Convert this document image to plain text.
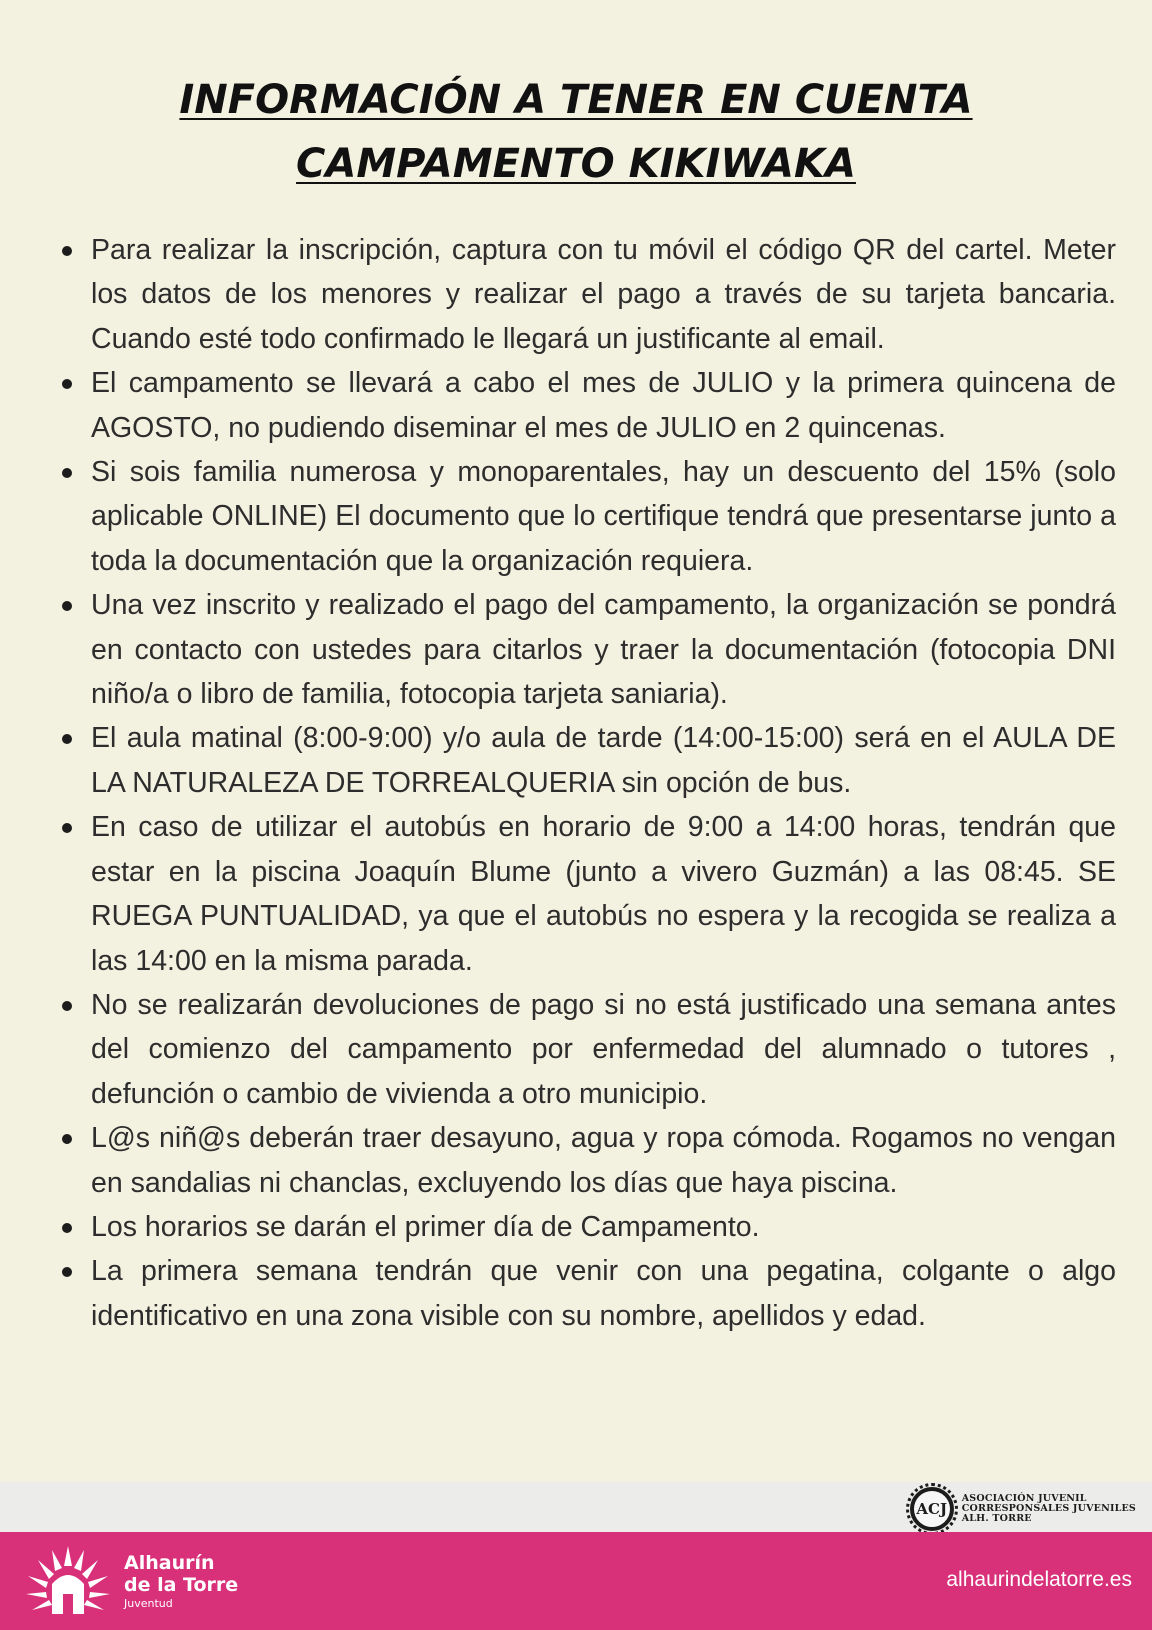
INFORMACIÓN A TENER EN CUENTA
CAMPAMENTO KIKIWAKA
Para realizar la inscripción, captura con tu móvil el código QR del cartel. Meter los datos de los menores y realizar el pago a través de su tarjeta bancaria. Cuando esté todo confirmado le llegará un justificante al email.
El campamento se llevará a cabo el mes de JULIO y la primera quincena de AGOSTO, no pudiendo diseminar el mes de JULIO en 2 quincenas.
Si sois familia numerosa y monoparentales, hay un descuento del 15% (solo aplicable ONLINE) El documento que lo certifique tendrá que presentarse junto a toda la documentación que la organización requiera.
Una vez inscrito y realizado el pago del campamento, la organización se pondrá en contacto con ustedes para citarlos y traer la documentación (fotocopia DNI niño/a o libro de familia, fotocopia tarjeta saniaria).
El aula matinal (8:00-9:00) y/o aula de tarde (14:00-15:00) será en el AULA DE LA NATURALEZA DE TORREALQUERIA sin opción de bus.
En caso de utilizar el autobús en horario de 9:00 a 14:00 horas, tendrán que estar en la piscina Joaquín Blume (junto a vivero Guzmán) a las 08:45. SE RUEGA PUNTUALIDAD, ya que el autobús no espera y la recogida se realiza a las 14:00 en la misma parada.
No se realizarán devoluciones de pago si no está justificado una semana antes del comienzo del campamento por enfermedad del alumnado o tutores , defunción o cambio de vivienda a otro municipio.
L@s niñ@s deberán traer desayuno, agua y ropa cómoda. Rogamos no vengan en sandalias ni chanclas, excluyendo los días que haya piscina.
Los horarios se darán el primer día de Campamento.
La primera semana tendrán que venir con una pegatina, colgante o algo identificativo en una zona visible con su nombre, apellidos y edad.
ACJ
ASOCIACIÓN JUVENIL
CORRESPONSALES JUVENILES
ALH. TORRE
Alhaurín
de la Torre
Juventud
alhaurindelatorre.es
